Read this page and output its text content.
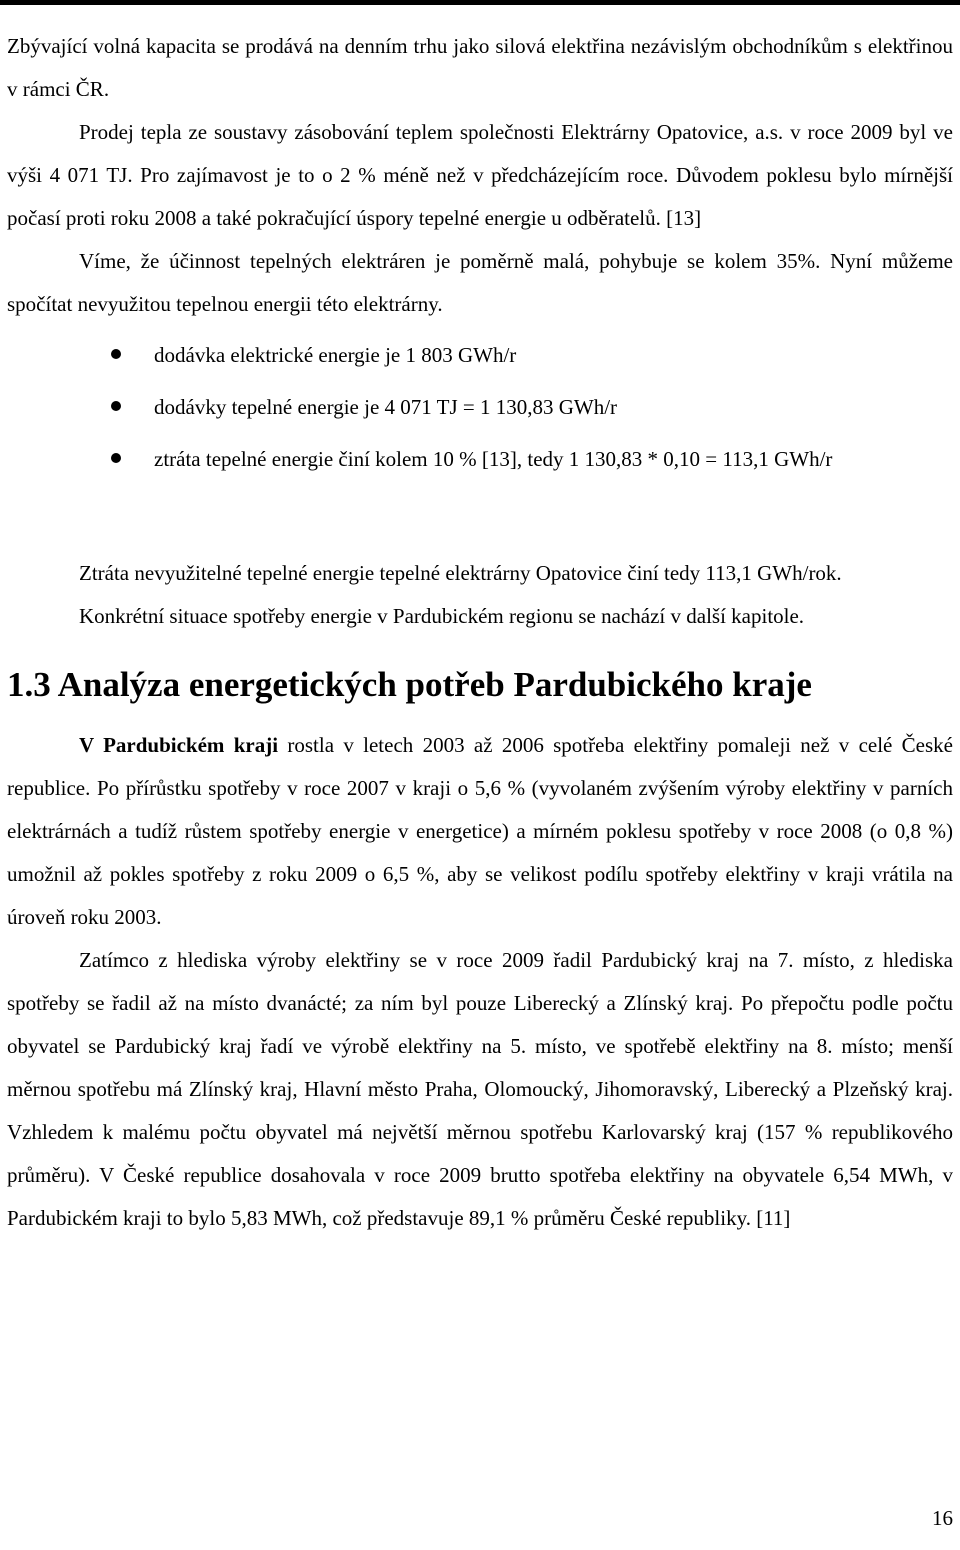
Zbývající volná kapacita se prodává na denním trhu jako silová elektřina nezávislým obchodníkům s elektřinou v rámci ČR.

Prodej tepla ze soustavy zásobování teplem společnosti Elektrárny Opatovice, a.s. v roce 2009 byl ve výši 4 071 TJ. Pro zajímavost je to o 2 % méně než v předcházejícím roce. Důvodem poklesu bylo mírnější počasí proti roku 2008 a také pokračující úspory tepelné energie u odběratelů. [13]

Víme, že účinnost tepelných elektráren je poměrně malá, pohybuje se kolem 35%. Nyní můžeme spočítat nevyužitou tepelnou energii této elektrárny.

dodávka elektrické energie je 1 803 GWh/r
dodávky tepelné energie je 4 071 TJ = 1 130,83 GWh/r
ztráta tepelné energie činí kolem 10 % [13], tedy 1 130,83 * 0,10 = 113,1 GWh/r

Ztráta nevyužitelné tepelné energie tepelné elektrárny Opatovice činí tedy 113,1 GWh/rok.

Konkrétní situace spotřeby energie v Pardubickém regionu se nachází v další kapitole.

1.3 Analýza energetických potřeb Pardubického kraje

V Pardubickém kraji rostla v letech 2003 až 2006 spotřeba elektřiny pomaleji než v celé České republice. Po přírůstku spotřeby v roce 2007 v kraji o 5,6 % (vyvolaném zvýšením výroby elektřiny v parních elektrárnách a tudíž růstem spotřeby energie v energetice) a mírném poklesu spotřeby v roce 2008 (o 0,8 %) umožnil až pokles spotřeby z roku 2009 o 6,5 %, aby se velikost podílu spotřeby elektřiny v kraji vrátila na úroveň roku 2003.

Zatímco z hlediska výroby elektřiny se v roce 2009 řadil Pardubický kraj na 7. místo, z hlediska spotřeby se řadil až na místo dvanácté; za ním byl pouze Liberecký a Zlínský kraj. Po přepočtu podle počtu obyvatel se Pardubický kraj řadí ve výrobě elektřiny na 5. místo, ve spotřebě elektřiny na 8. místo; menší měrnou spotřebu má Zlínský kraj, Hlavní město Praha, Olomoucký, Jihomoravský, Liberecký a Plzeňský kraj. Vzhledem k malému počtu obyvatel má největší měrnou spotřebu Karlovarský kraj (157 % republikového průměru). V České republice dosahovala v roce 2009 brutto spotřeba elektřiny na obyvatele 6,54 MWh, v Pardubickém kraji to bylo 5,83 MWh, což představuje 89,1 % průměru České republiky. [11]

16
